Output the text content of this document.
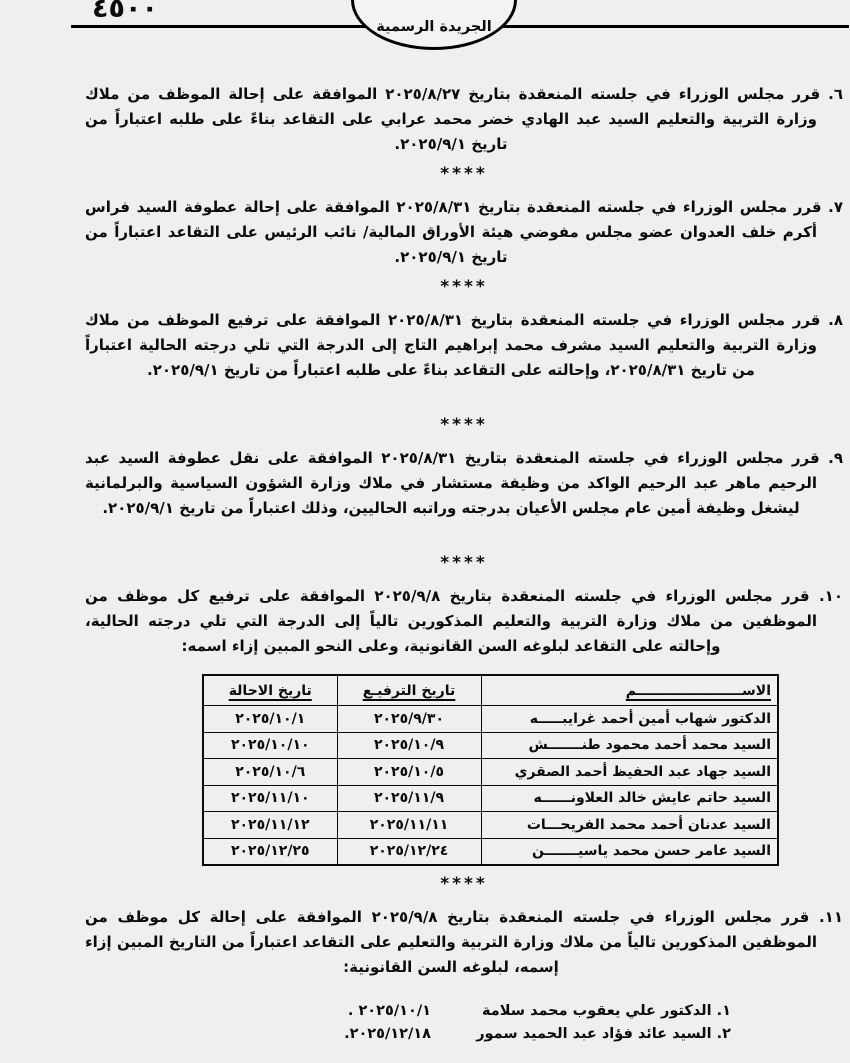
٤٥٠٠
الجريدة الرسمية

٦. قرر مجلس الوزراء في جلسته المنعقدة بتاريخ ٢٠٢٥/٨/٢٧ الموافقة على إحالة الموظف من ملاك وزارة التربية والتعليم السيد عبد الهادي خضر محمد عرابي على التقاعد بناءً على طلبه اعتباراً من تاريخ ٢٠٢٥/٩/١.

****

٧. قرر مجلس الوزراء في جلسته المنعقدة بتاريخ ٢٠٢٥/٨/٣١ الموافقة على إحالة عطوفة السيد فراس أكرم خلف العدوان عضو مجلس مفوضي هيئة الأوراق المالية/ نائب الرئيس على التقاعد اعتباراً من تاريخ ٢٠٢٥/٩/١.

****

٨. قرر مجلس الوزراء في جلسته المنعقدة بتاريخ ٢٠٢٥/٨/٣١ الموافقة على ترفيع الموظف من ملاك وزارة التربية والتعليم السيد مشرف محمد إبراهيم التاج إلى الدرجة التي تلي درجته الحالية اعتباراً من تاريخ ٢٠٢٥/٨/٣١، وإحالته على التقاعد بناءً على طلبه اعتباراً من تاريخ ٢٠٢٥/٩/١.

****

٩. قرر مجلس الوزراء في جلسته المنعقدة بتاريخ ٢٠٢٥/٨/٣١ الموافقة على نقل عطوفة السيد عبد الرحيم ماهر عبد الرحيم الواكد من وظيفة مستشار في ملاك وزارة الشؤون السياسية والبرلمانية ليشغل وظيفة أمين عام مجلس الأعيان بدرجته وراتبه الحاليين، وذلك اعتباراً من تاريخ ٢٠٢٥/٩/١.

****

١٠. قرر مجلس الوزراء في جلسته المنعقدة بتاريخ ٢٠٢٥/٩/٨ الموافقة على ترفيع كل موظف من الموظفين من ملاك وزارة التربية والتعليم المذكورين تالياً إلى الدرجة التي تلي درجته الحالية، وإحالته على التقاعد لبلوغه السن القانونية، وعلى النحو المبين إزاء اسمه:

الاســــــــــــــــــــــم	تاريخ الترفيـع	تاريخ الاحالة
الدكتور شهاب أمين أحمد غرايبـــــه	٢٠٢٥/٩/٣٠	٢٠٢٥/١٠/١
السيد محمد أحمد محمود طنـــــــش	٢٠٢٥/١٠/٩	٢٠٢٥/١٠/١٠
السيد جهاد عبد الحفيظ أحمد الصقري	٢٠٢٥/١٠/٥	٢٠٢٥/١٠/٦
السيد حاتم عايش خالد العلاونــــــه	٢٠٢٥/١١/٩	٢٠٢٥/١١/١٠
السيد عدنان أحمد محمد الفريحـــات	٢٠٢٥/١١/١١	٢٠٢٥/١١/١٢
السيد عامر حسن محمد ياسيـــــــن	٢٠٢٥/١٢/٢٤	٢٠٢٥/١٢/٢٥
****

١١. قرر مجلس الوزراء في جلسته المنعقدة بتاريخ ٢٠٢٥/٩/٨ الموافقة على إحالة كل موظف من الموظفين المذكورين تالياً من ملاك وزارة التربية والتعليم على التقاعد اعتباراً من التاريخ المبين إزاء إسمه، لبلوغه السن القانونية:

١. الدكتور علي يعقوب محمد سلامة
٢٠٢٥/١٠/١ .
٢. السيد عائد فؤاد عبد الحميد سمور
٢٠٢٥/١٢/١٨.
